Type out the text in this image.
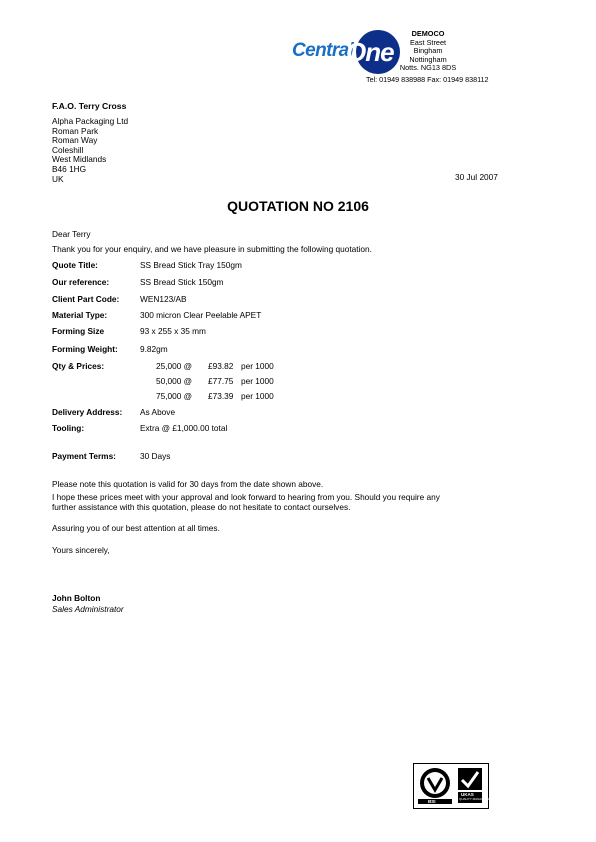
Central
One
DEMOCO
East Street
Bingham
Nottingham
Notts. NG13 8DS
Tel: 01949 838988 Fax: 01949 838112
F.A.O. Terry Cross
Alpha Packaging Ltd
Roman Park
Roman Way
Coleshill
West Midlands
B46 1HG
UK	30 Jul 2007
QUOTATION NO 2106
Dear Terry
Thank you for your enquiry, and we have pleasure in submitting the following quotation.
Quote Title:	SS Bread Stick Tray 150gm
Our reference:	SS Bread Stick 150gm
Client Part Code: WEN123/AB
Material Type:	300 micron Clear Peelable APET
Forming Size	93 x 255 x 35 mm
Forming Weight:	9.82gm
Qty & Prices:	25,000 @ £93.82 per 1000
50,000 @ £77.75 per 1000
75,000 @ £73.39 per 1000
Delivery Address: As Above
Tooling:	Extra @ £1,000.00 total
Payment Terms:	30 Days
Please note this quotation is valid for 30 days from the date shown above.
I hope these prices meet with your approval and look forward to hearing from you. Should you require any
further assistance with this quotation, please do not hesitate to contact ourselves.
Assuring you of our best attention at all times.
Yours sincerely,
John Bolton
Sales Administrator
UKAS
QUALITY MANAGEMENT
BSI
